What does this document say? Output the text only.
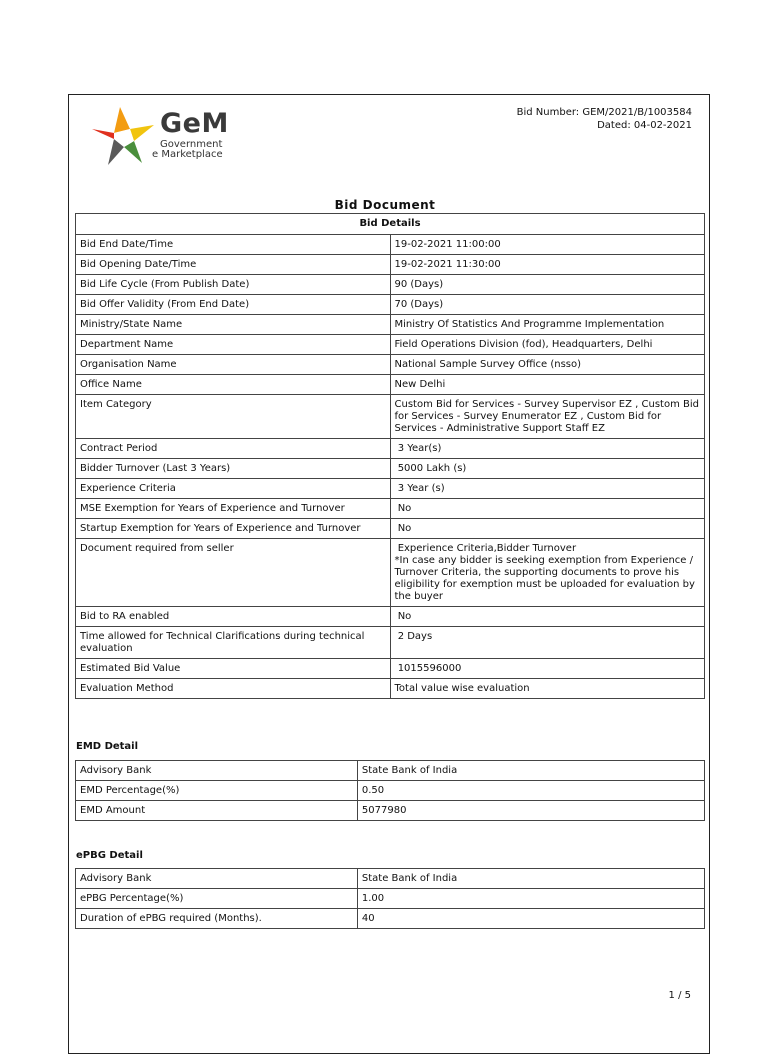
GeM
Government
e Marketplace
Bid Number: GEM/2021/B/1003584
Dated: 04-02-2021
Bid Document
Bid Details	
Bid End Date/Time	19-02-2021 11:00:00
Bid Opening Date/Time	19-02-2021 11:30:00
Bid Life Cycle (From Publish Date)	90 (Days)
Bid Offer Validity (From End Date)	70 (Days)
Ministry/State Name	Ministry Of Statistics And Programme Implementation
Department Name	Field Operations Division (fod), Headquarters, Delhi
Organisation Name	National Sample Survey Office (nsso)
Office Name	New Delhi
Item Category	Custom Bid for Services - Survey Supervisor EZ , Custom Bid for Services - Survey Enumerator EZ , Custom Bid for Services - Administrative Support Staff EZ
Contract Period	3 Year(s)
Bidder Turnover (Last 3 Years)	5000 Lakh (s)
Experience Criteria	3 Year (s)
MSE Exemption for Years of Experience and Turnover	No
Startup Exemption for Years of Experience and Turnover	No
Document required from seller	Experience Criteria,Bidder Turnover
*In case any bidder is seeking exemption from Experience / Turnover Criteria, the supporting documents to prove his eligibility for exemption must be uploaded for evaluation by the buyer
Bid to RA enabled	No
Time allowed for Technical Clarifications during technical evaluation	2 Days
Estimated Bid Value	1015596000
Evaluation Method	Total value wise evaluation
EMD Detail
Advisory Bank	State Bank of India
EMD Percentage(%)	0.50
EMD Amount	5077980
ePBG Detail
Advisory Bank	State Bank of India
ePBG Percentage(%)	1.00
Duration of ePBG required (Months).	40
1 / 5
